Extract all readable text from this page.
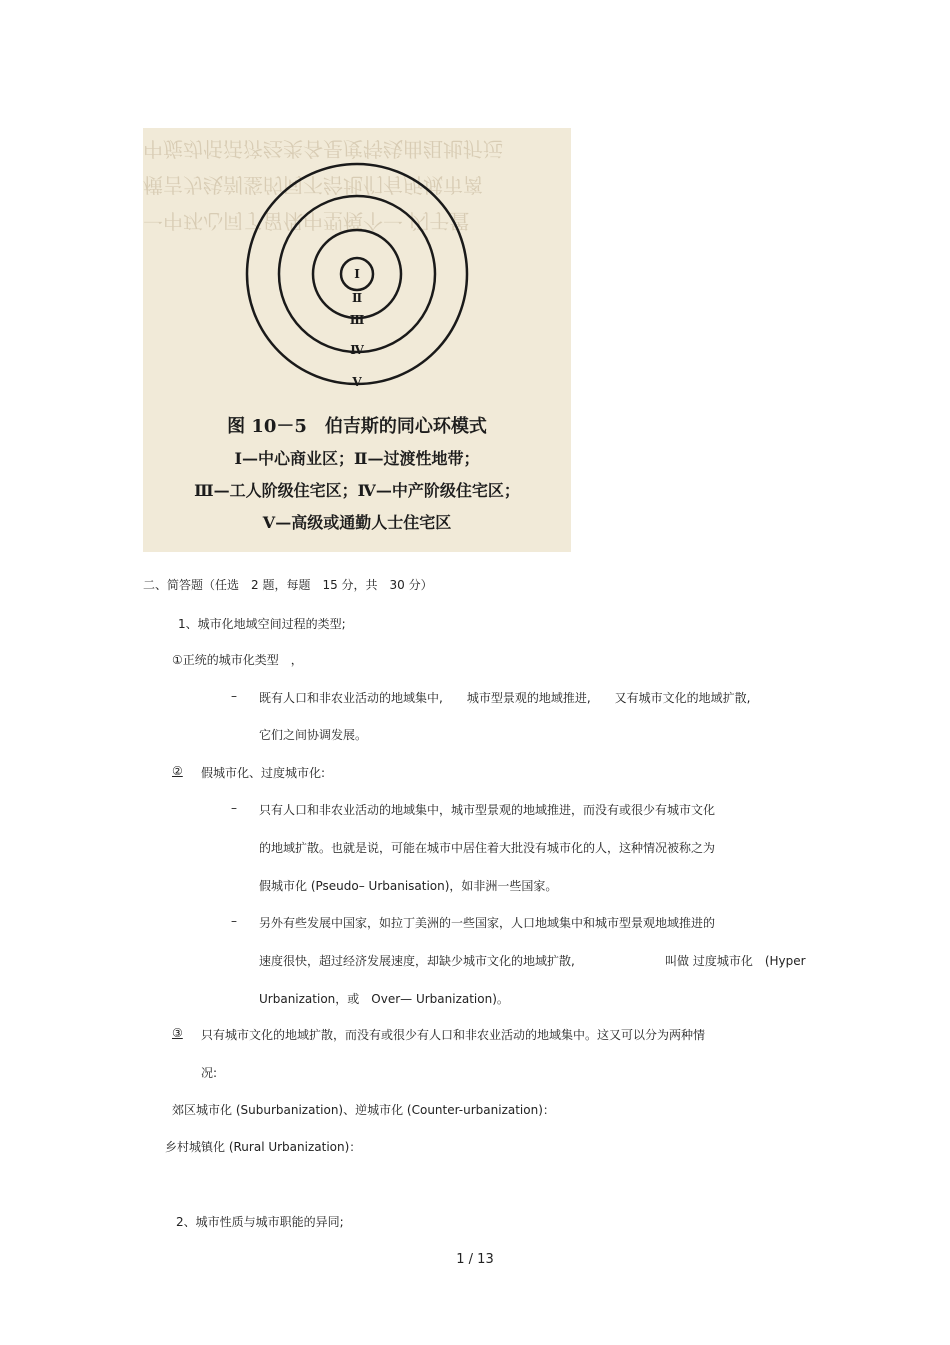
中旋动恬活济经类各是度特线曲组地折远
横吉为线剖鉴的同不给地们有所城市离
一中环心同了留保中型模个一 闪于置
Ⅰ
Ⅱ
Ⅲ
Ⅳ
Ⅴ
图 10－5　伯吉斯的同心环模式
Ⅰ—中心商业区；Ⅱ—过渡性地带；
Ⅲ—工人阶级住宅区；Ⅳ—中产阶级住宅区；
Ⅴ—高级或通勤人士住宅区
二、简答题（任选　2 题，每题　15 分，共　30 分）
1、城市化地域空间过程的类型;
①正统的城市化类型　，
– 既有人口和非农业活动的地域集中,　　城市型景观的地域推进,　　又有城市文化的地域扩散,
它们之间协调发展。
② 假城市化、过度城市化:
– 只有人口和非农业活动的地域集中，城市型景观的地域推进，而没有或很少有城市文化
的地域扩散。也就是说，可能在城市中居住着大批没有城市化的人，这种情况被称之为
假城市化 (Pseudo– Urbanisation)，如非洲一些国家。
– 另外有些发展中国家，如拉丁美洲的一些国家，人口地域集中和城市型景观地域推进的
速度很快，超过经济发展速度，却缺少城市文化的地域扩散,	叫做 过度城市化　(Hyper
Urbanization，或　Over— Urbanization)。
③ 只有城市文化的地域扩散，而没有或很少有人口和非农业活动的地域集中。这又可以分为两种情
况:
郊区城市化 (Suburbanization)、逆城市化 (Counter-urbanization)：
乡村城镇化 (Rural Urbanization)：
2、城市性质与城市职能的异同;
1 / 13
